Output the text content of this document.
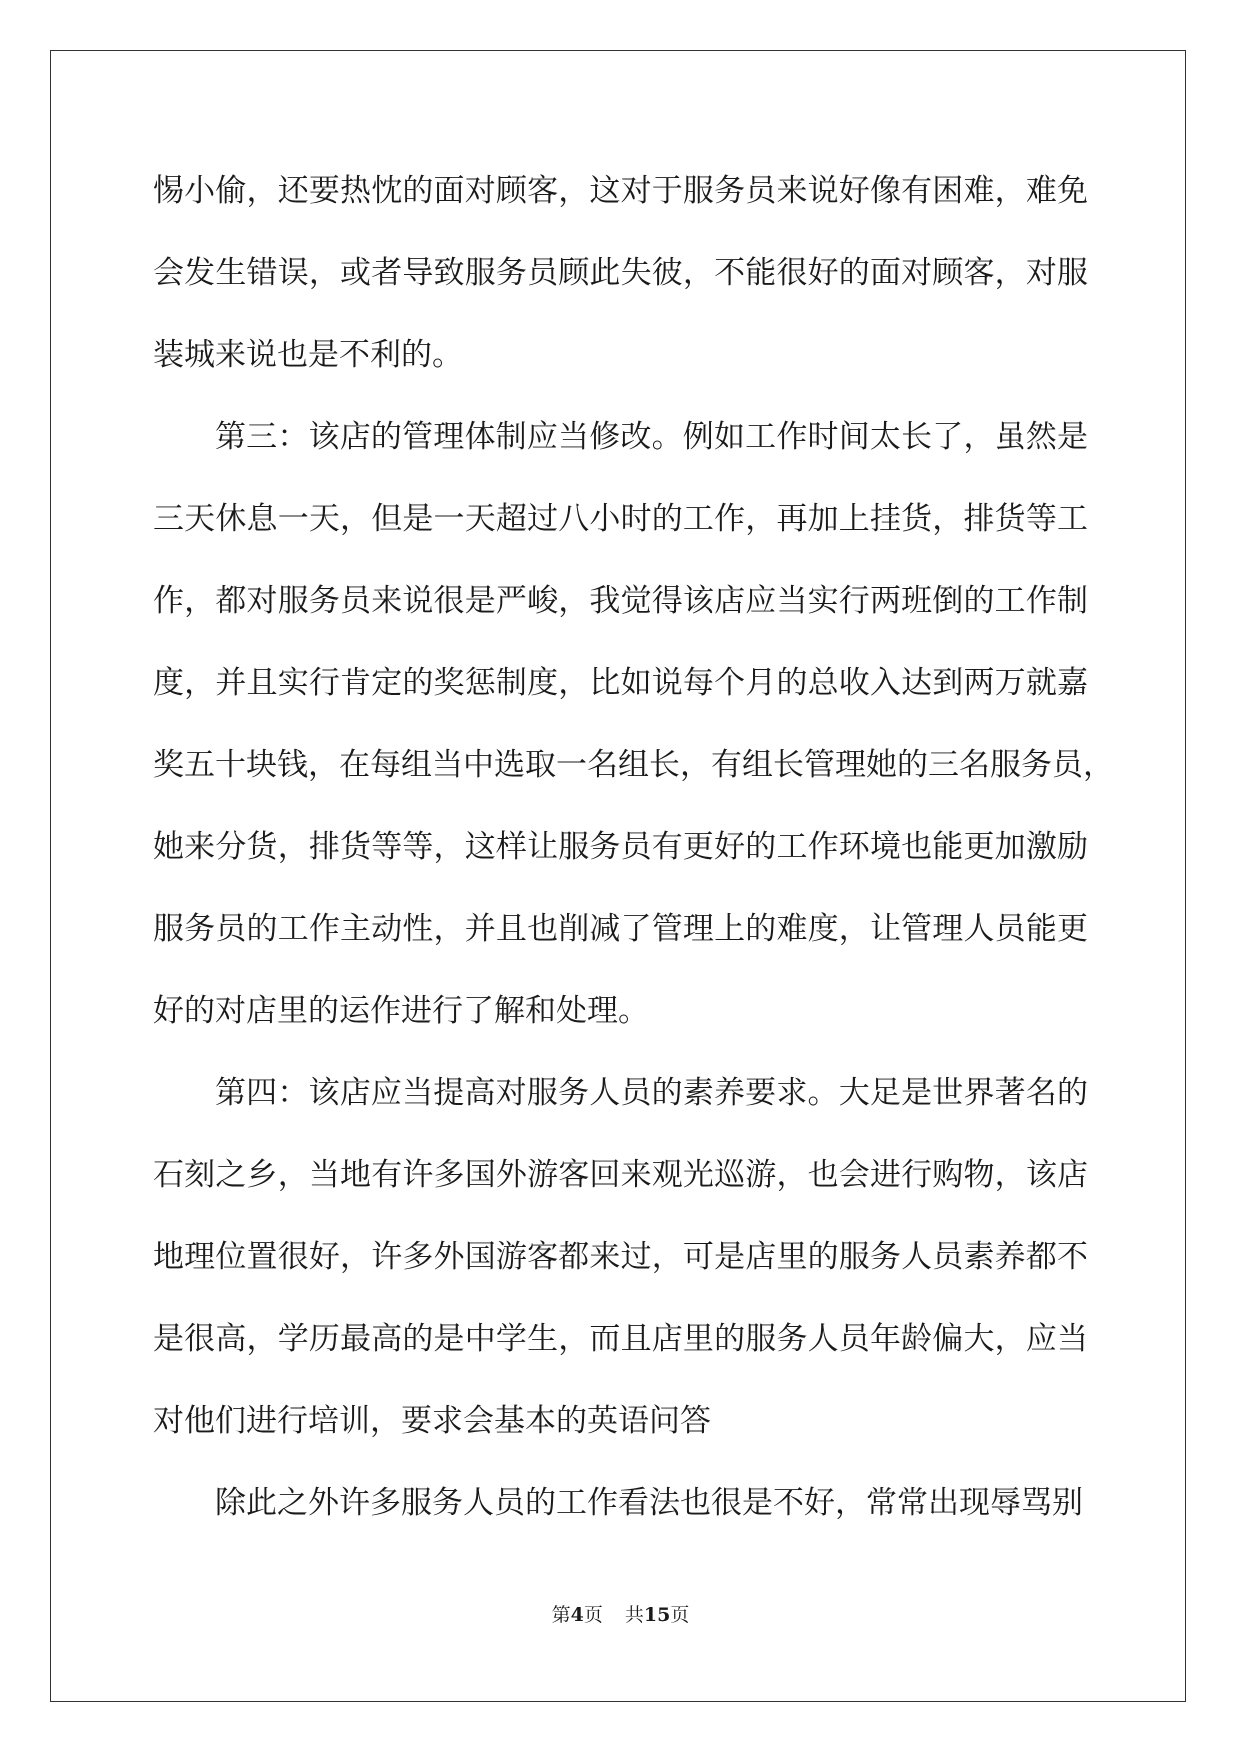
惕小偷，还要热忱的面对顾客，这对于服务员来说好像有困难，难免
会发生错误，或者导致服务员顾此失彼，不能很好的面对顾客，对服
装城来说也是不利的。
第三：该店的管理体制应当修改。例如工作时间太长了，虽然是
三天休息一天，但是一天超过八小时的工作，再加上挂货，排货等工
作，都对服务员来说很是严峻，我觉得该店应当实行两班倒的工作制
度，并且实行肯定的奖惩制度，比如说每个月的总收入达到两万就嘉
奖五十块钱，在每组当中选取一名组长，有组长管理她的三名服务员，
她来分货，排货等等，这样让服务员有更好的工作环境也能更加激励
服务员的工作主动性，并且也削减了管理上的难度，让管理人员能更
好的对店里的运作进行了解和处理。
第四：该店应当提高对服务人员的素养要求。大足是世界著名的
石刻之乡，当地有许多国外游客回来观光巡游，也会进行购物，该店
地理位置很好，许多外国游客都来过，可是店里的服务人员素养都不
是很高，学历最高的是中学生，而且店里的服务人员年龄偏大，应当
对他们进行培训，要求会基本的英语问答
除此之外许多服务人员的工作看法也很是不好，常常出现辱骂别
第4页 共15页
